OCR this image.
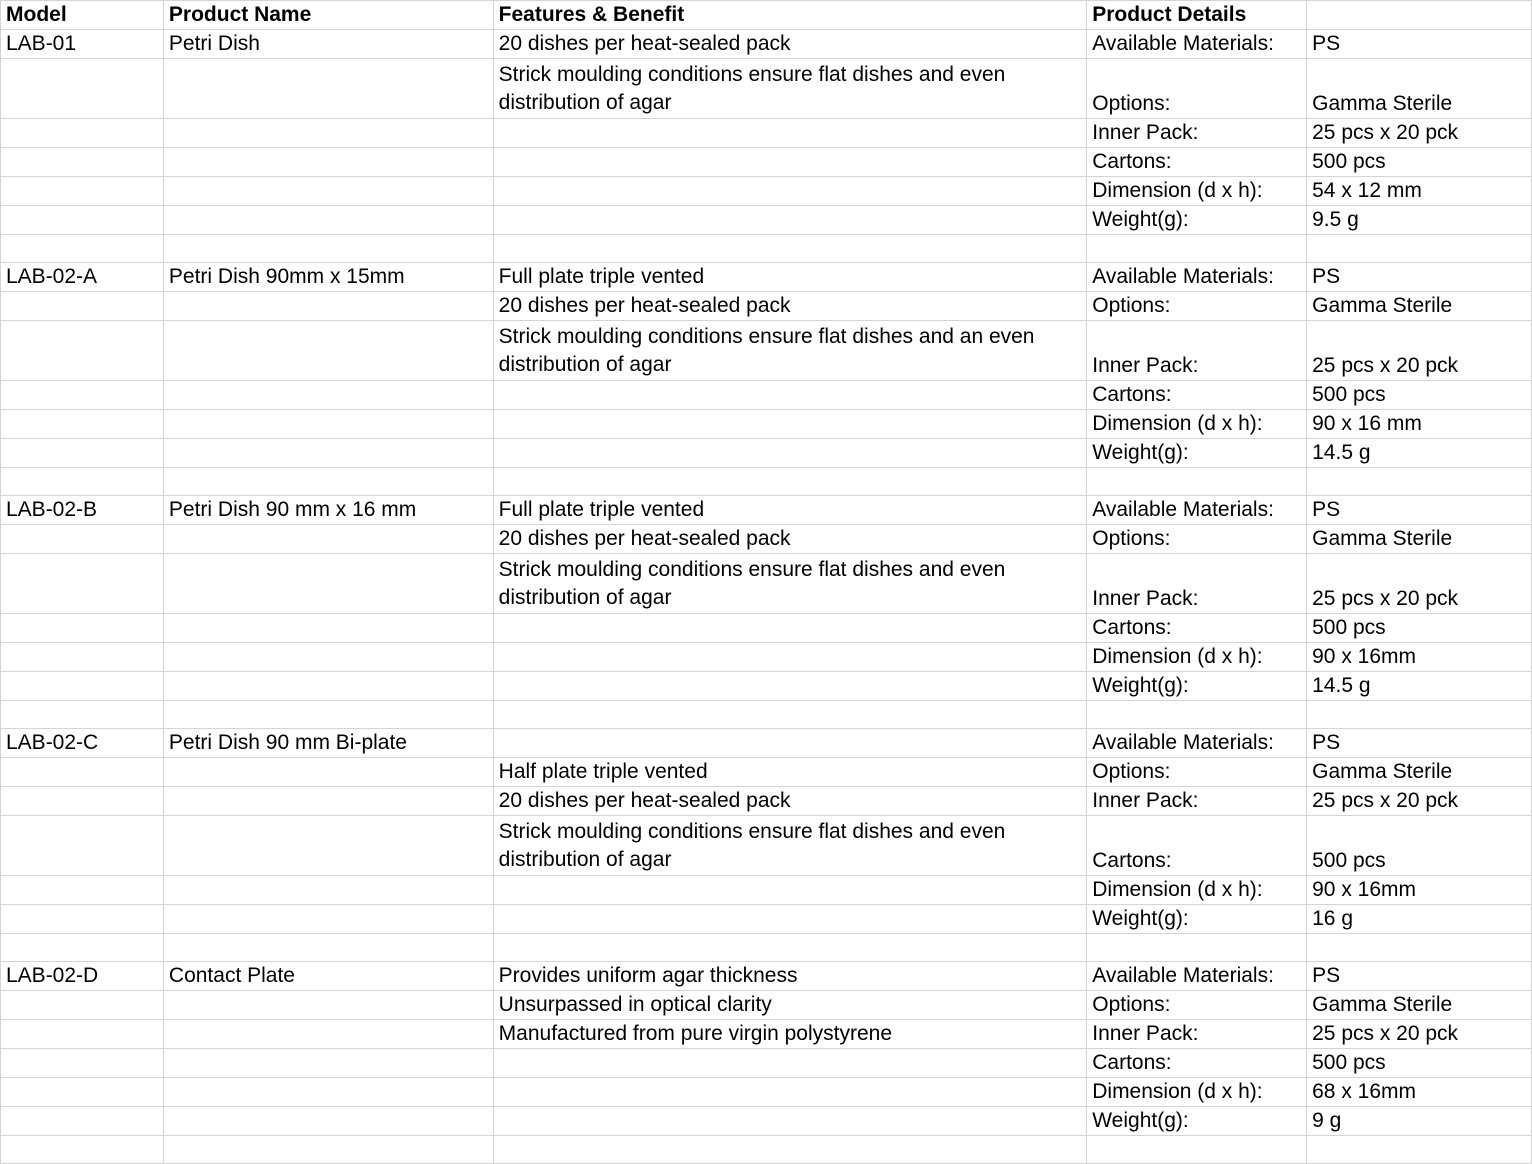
Model	Product Name	Features & Benefit	Product Details	
LAB-01	Petri Dish	20 dishes per heat-sealed pack	Available Materials:	PS
		Strick moulding conditions ensure flat dishes and even distribution of agar	Options:	Gamma Sterile
			Inner Pack:	25 pcs x 20 pck
			Cartons:	500 pcs
			Dimension (d x h):	54 x 12 mm
			Weight(g):	9.5 g

LAB-02-A	Petri Dish 90mm x 15mm	Full plate triple vented	Available Materials:	PS
		20 dishes per heat-sealed pack	Options:	Gamma Sterile
		Strick moulding conditions ensure flat dishes and an even distribution of agar	Inner Pack:	25 pcs x 20 pck
			Cartons:	500 pcs
			Dimension (d x h):	90 x 16 mm
			Weight(g):	14.5 g

LAB-02-B	Petri Dish 90 mm x 16 mm	Full plate triple vented	Available Materials:	PS
		20 dishes per heat-sealed pack	Options:	Gamma Sterile
		Strick moulding conditions ensure flat dishes and even distribution of agar	Inner Pack:	25 pcs x 20 pck
			Cartons:	500 pcs
			Dimension (d x h):	90 x 16mm
			Weight(g):	14.5 g

LAB-02-C	Petri Dish 90 mm Bi-plate		Available Materials:	PS
		Half plate triple vented	Options:	Gamma Sterile
		20 dishes per heat-sealed pack	Inner Pack:	25 pcs x 20 pck
		Strick moulding conditions ensure flat dishes and even distribution of agar	Cartons:	500 pcs
			Dimension (d x h):	90 x 16mm
			Weight(g):	16 g

LAB-02-D	Contact Plate	Provides uniform agar thickness	Available Materials:	PS
		Unsurpassed in optical clarity	Options:	Gamma Sterile
		Manufactured from pure virgin polystyrene	Inner Pack:	25 pcs x 20 pck
			Cartons:	500 pcs
			Dimension (d x h):	68 x 16mm
			Weight(g):	9 g
